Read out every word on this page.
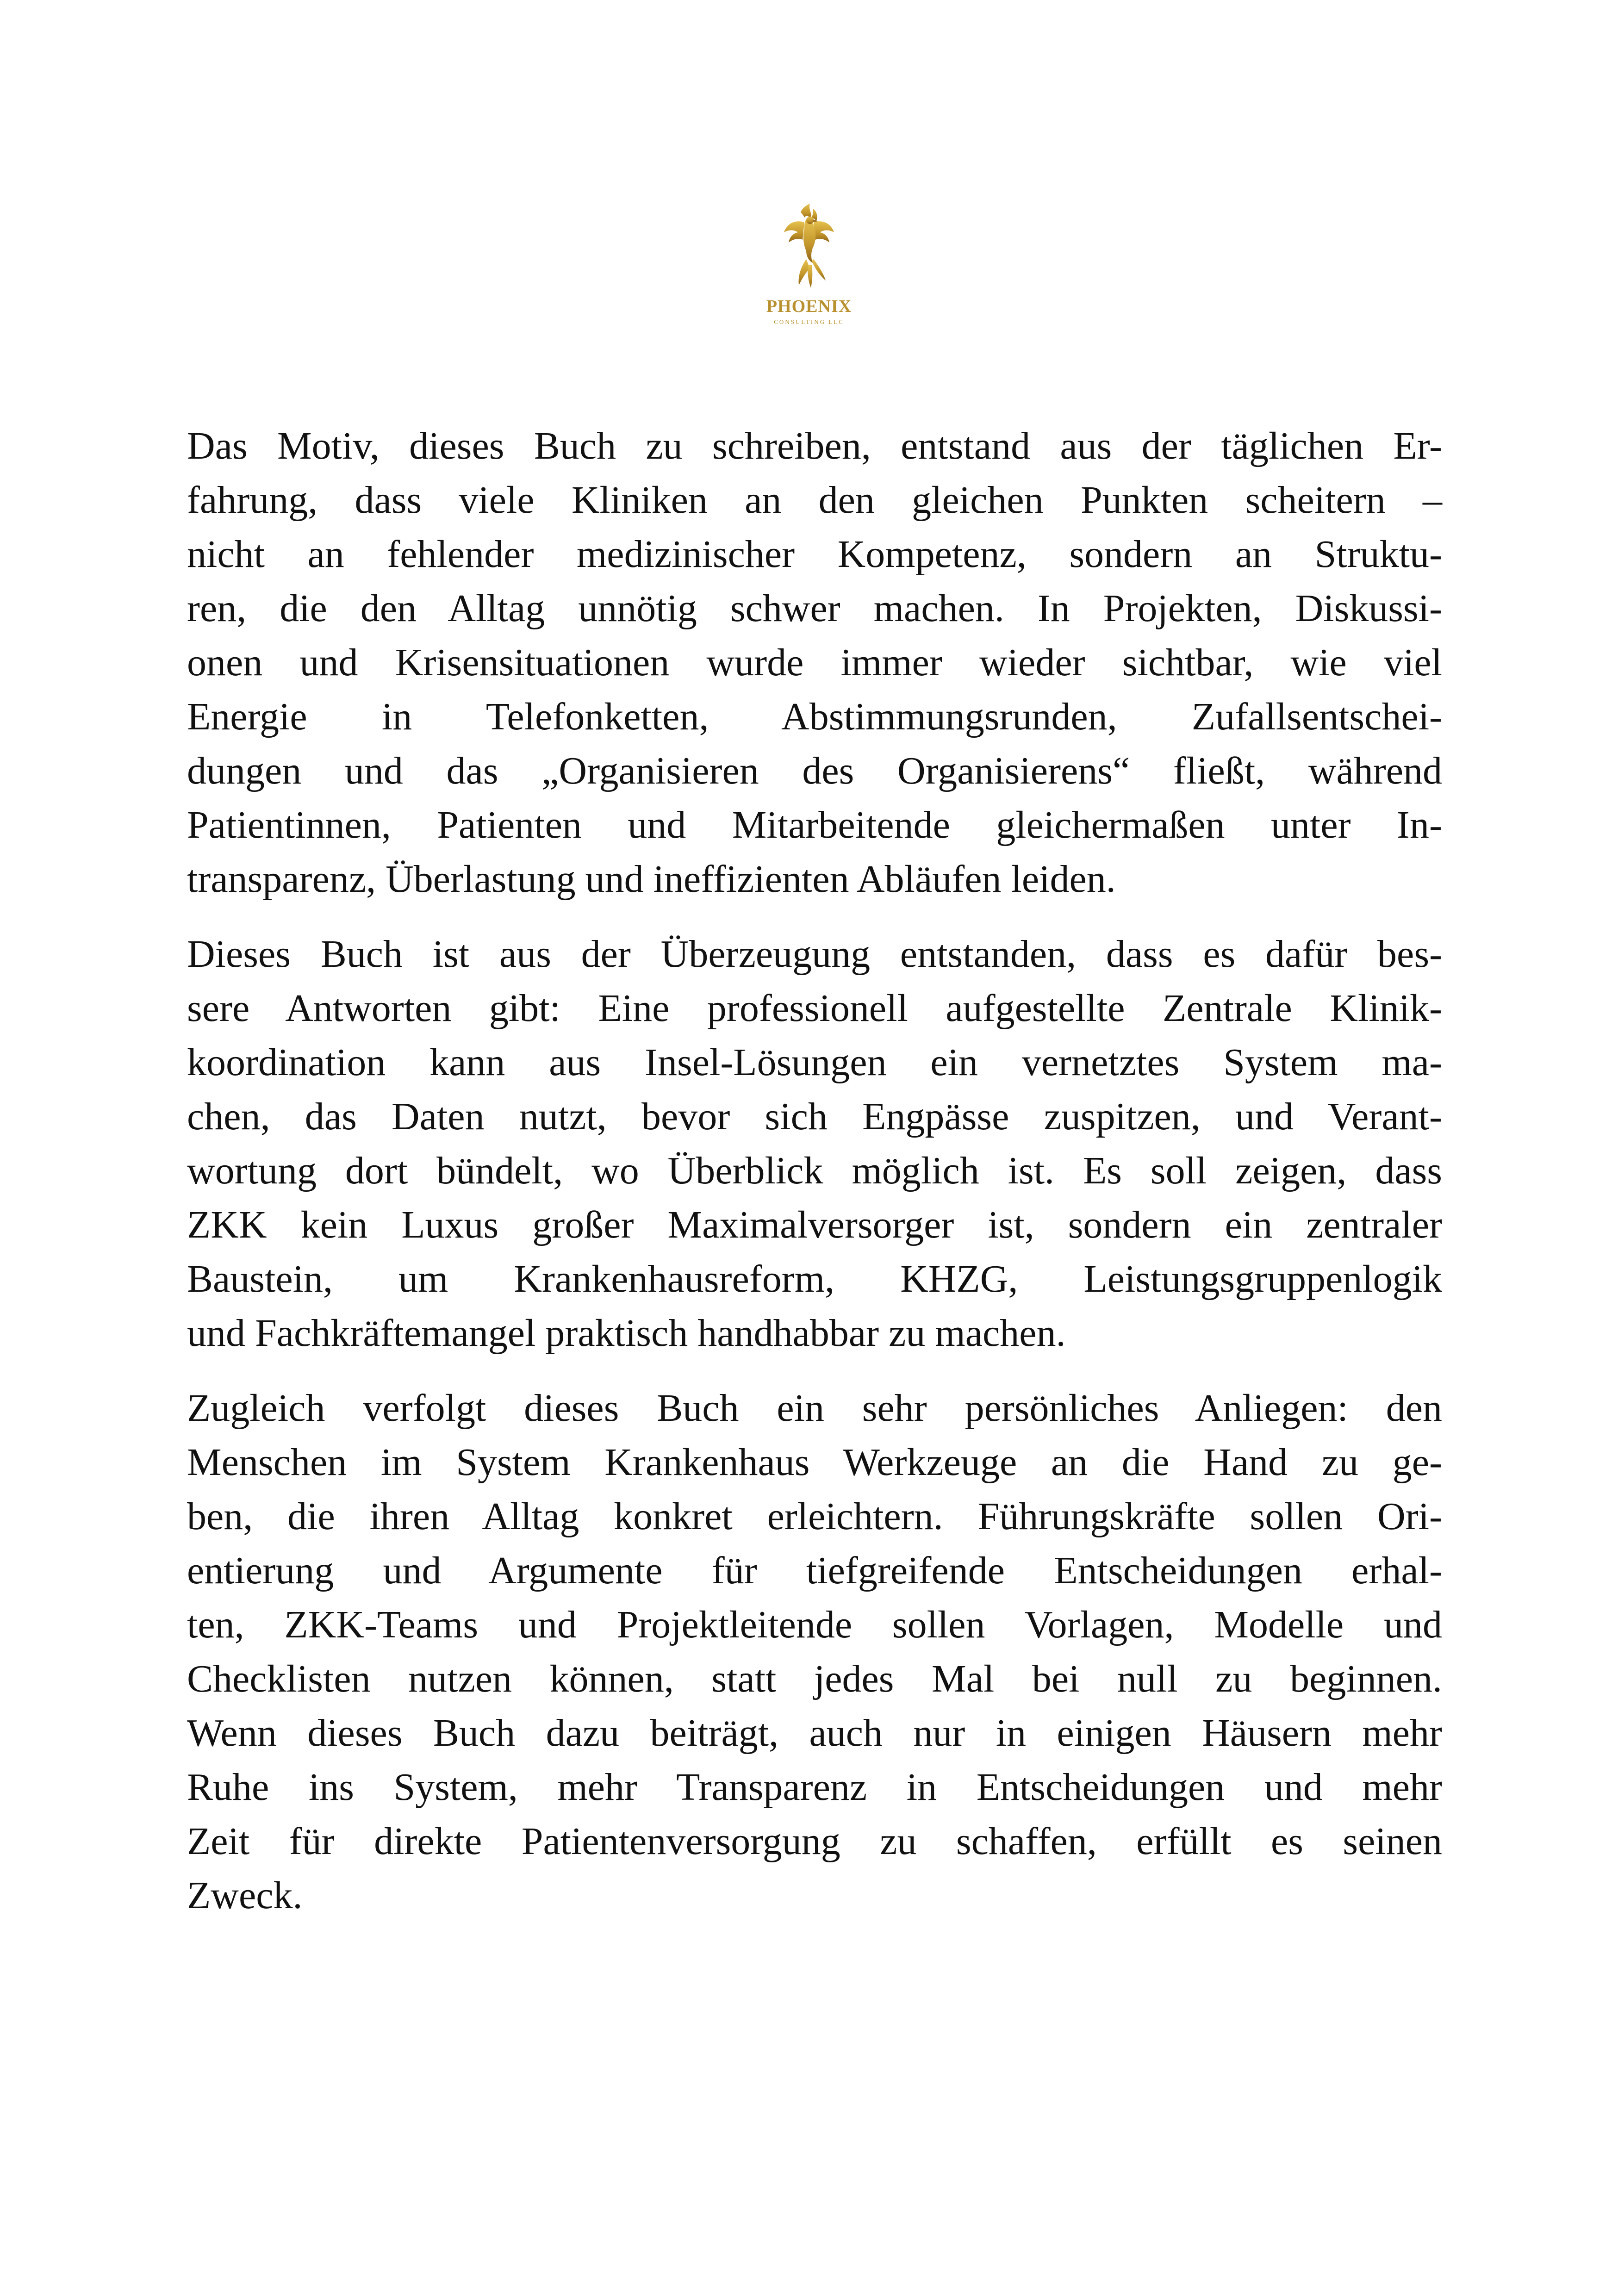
PHOENIX
CONSULTING LLC

Das Motiv, dieses Buch zu schreiben, entstand aus der täglichen Er-
fahrung, dass viele Kliniken an den gleichen Punkten scheitern –
nicht an fehlender medizinischer Kompetenz, sondern an Struktu-
ren, die den Alltag unnötig schwer machen. In Projekten, Diskussi-
onen und Krisensituationen wurde immer wieder sichtbar, wie viel
Energie in Telefonketten, Abstimmungsrunden, Zufallsentschei-
dungen und das „Organisieren des Organisierens“ fließt, während
Patientinnen, Patienten und Mitarbeitende gleichermaßen unter In-
transparenz, Überlastung und ineffizienten Abläufen leiden.

Dieses Buch ist aus der Überzeugung entstanden, dass es dafür bes-
sere Antworten gibt: Eine professionell aufgestellte Zentrale Klinik-
koordination kann aus Insel-Lösungen ein vernetztes System ma-
chen, das Daten nutzt, bevor sich Engpässe zuspitzen, und Verant-
wortung dort bündelt, wo Überblick möglich ist. Es soll zeigen, dass
ZKK kein Luxus großer Maximalversorger ist, sondern ein zentraler
Baustein, um Krankenhausreform, KHZG, Leistungsgruppenlogik
und Fachkräftemangel praktisch handhabbar zu machen.

Zugleich verfolgt dieses Buch ein sehr persönliches Anliegen: den
Menschen im System Krankenhaus Werkzeuge an die Hand zu ge-
ben, die ihren Alltag konkret erleichtern. Führungskräfte sollen Ori-
entierung und Argumente für tiefgreifende Entscheidungen erhal-
ten, ZKK-Teams und Projektleitende sollen Vorlagen, Modelle und
Checklisten nutzen können, statt jedes Mal bei null zu beginnen.
Wenn dieses Buch dazu beiträgt, auch nur in einigen Häusern mehr
Ruhe ins System, mehr Transparenz in Entscheidungen und mehr
Zeit für direkte Patientenversorgung zu schaffen, erfüllt es seinen
Zweck.
